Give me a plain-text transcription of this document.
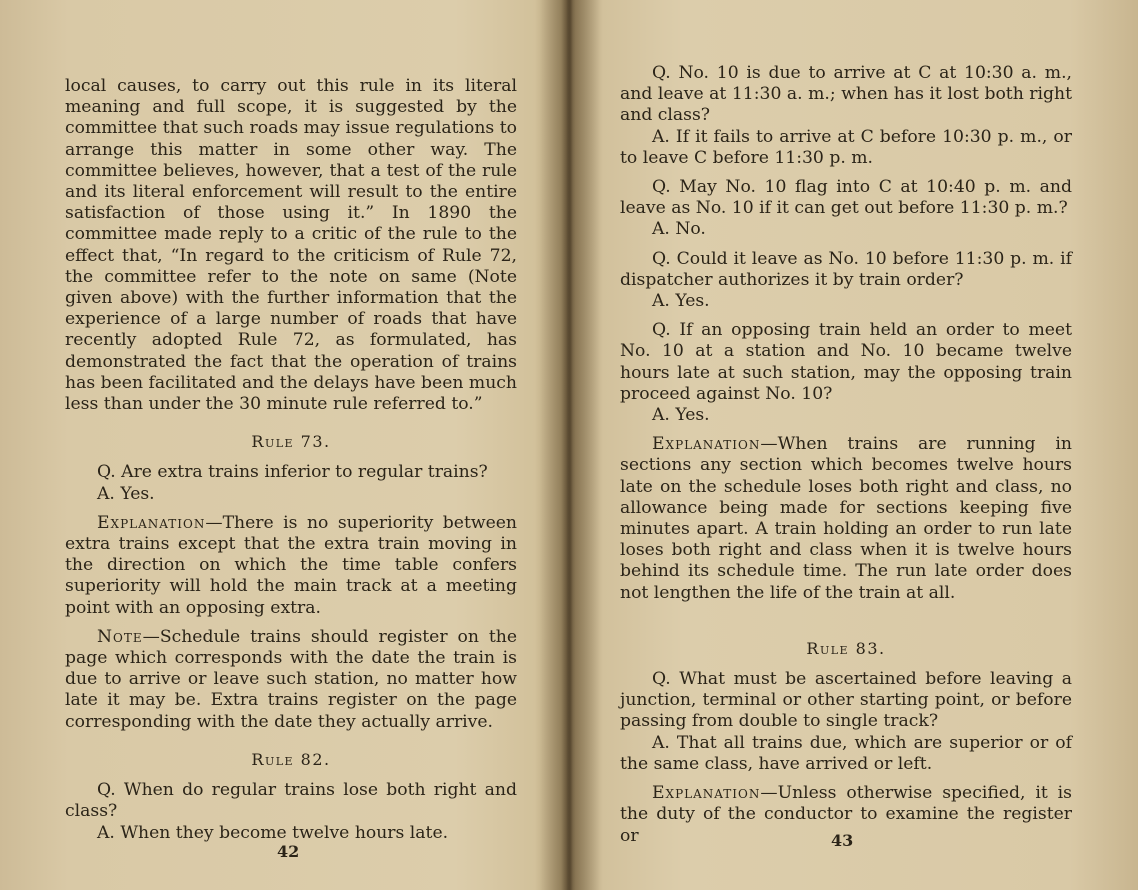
local causes, to carry out this rule in its literal meaning and full scope, it is suggested by the committee that such roads may issue regulations to arrange this matter in some other way. The committee believes, however, that a test of the rule and its literal enforcement will result to the entire satisfaction of those using it.” In 1890 the committee made reply to a critic of the rule to the effect that, “In regard to the criticism of Rule 72, the committee refer to the note on same (Note given above) with the further information that the experience of a large number of roads that have recently adopted Rule 72, as formulated, has demonstrated the fact that the operation of trains has been facilitated and the delays have been much less than under the 30 minute rule referred to.”

Rule 73.

Q. Are extra trains inferior to regular trains?

A. Yes.

Explanation—There is no superiority between extra trains except that the extra train moving in the direction on which the time table confers superiority will hold the main track at a meeting point with an opposing extra.

Note—Schedule trains should register on the page which corresponds with the date the train is due to arrive or leave such station, no matter how late it may be. Extra trains register on the page corresponding with the date they actually arrive.

Rule 82.

Q. When do regular trains lose both right and class?

A. When they become twelve hours late.

42

Q. No. 10 is due to arrive at C at 10:30 a. m., and leave at 11:30 a. m.; when has it lost both right and class?

A. If it fails to arrive at C before 10:30 p. m., or to leave C before 11:30 p. m.

Q. May No. 10 flag into C at 10:40 p. m. and leave as No. 10 if it can get out before 11:30 p. m.?

A. No.

Q. Could it leave as No. 10 before 11:30 p. m. if dispatcher authorizes it by train order?

A. Yes.

Q. If an opposing train held an order to meet No. 10 at a station and No. 10 became twelve hours late at such station, may the opposing train proceed against No. 10?

A. Yes.

Explanation—When trains are running in sections any section which becomes twelve hours late on the schedule loses both right and class, no allowance being made for sections keeping five minutes apart. A train holding an order to run late loses both right and class when it is twelve hours behind its schedule time. The run late order does not lengthen the life of the train at all.

Rule 83.

Q. What must be ascertained before leaving a junction, terminal or other starting point, or before passing from double to single track?

A. That all trains due, which are superior or of the same class, have arrived or left.

Explanation—Unless otherwise specified, it is the duty of the conductor to examine the register or	43
